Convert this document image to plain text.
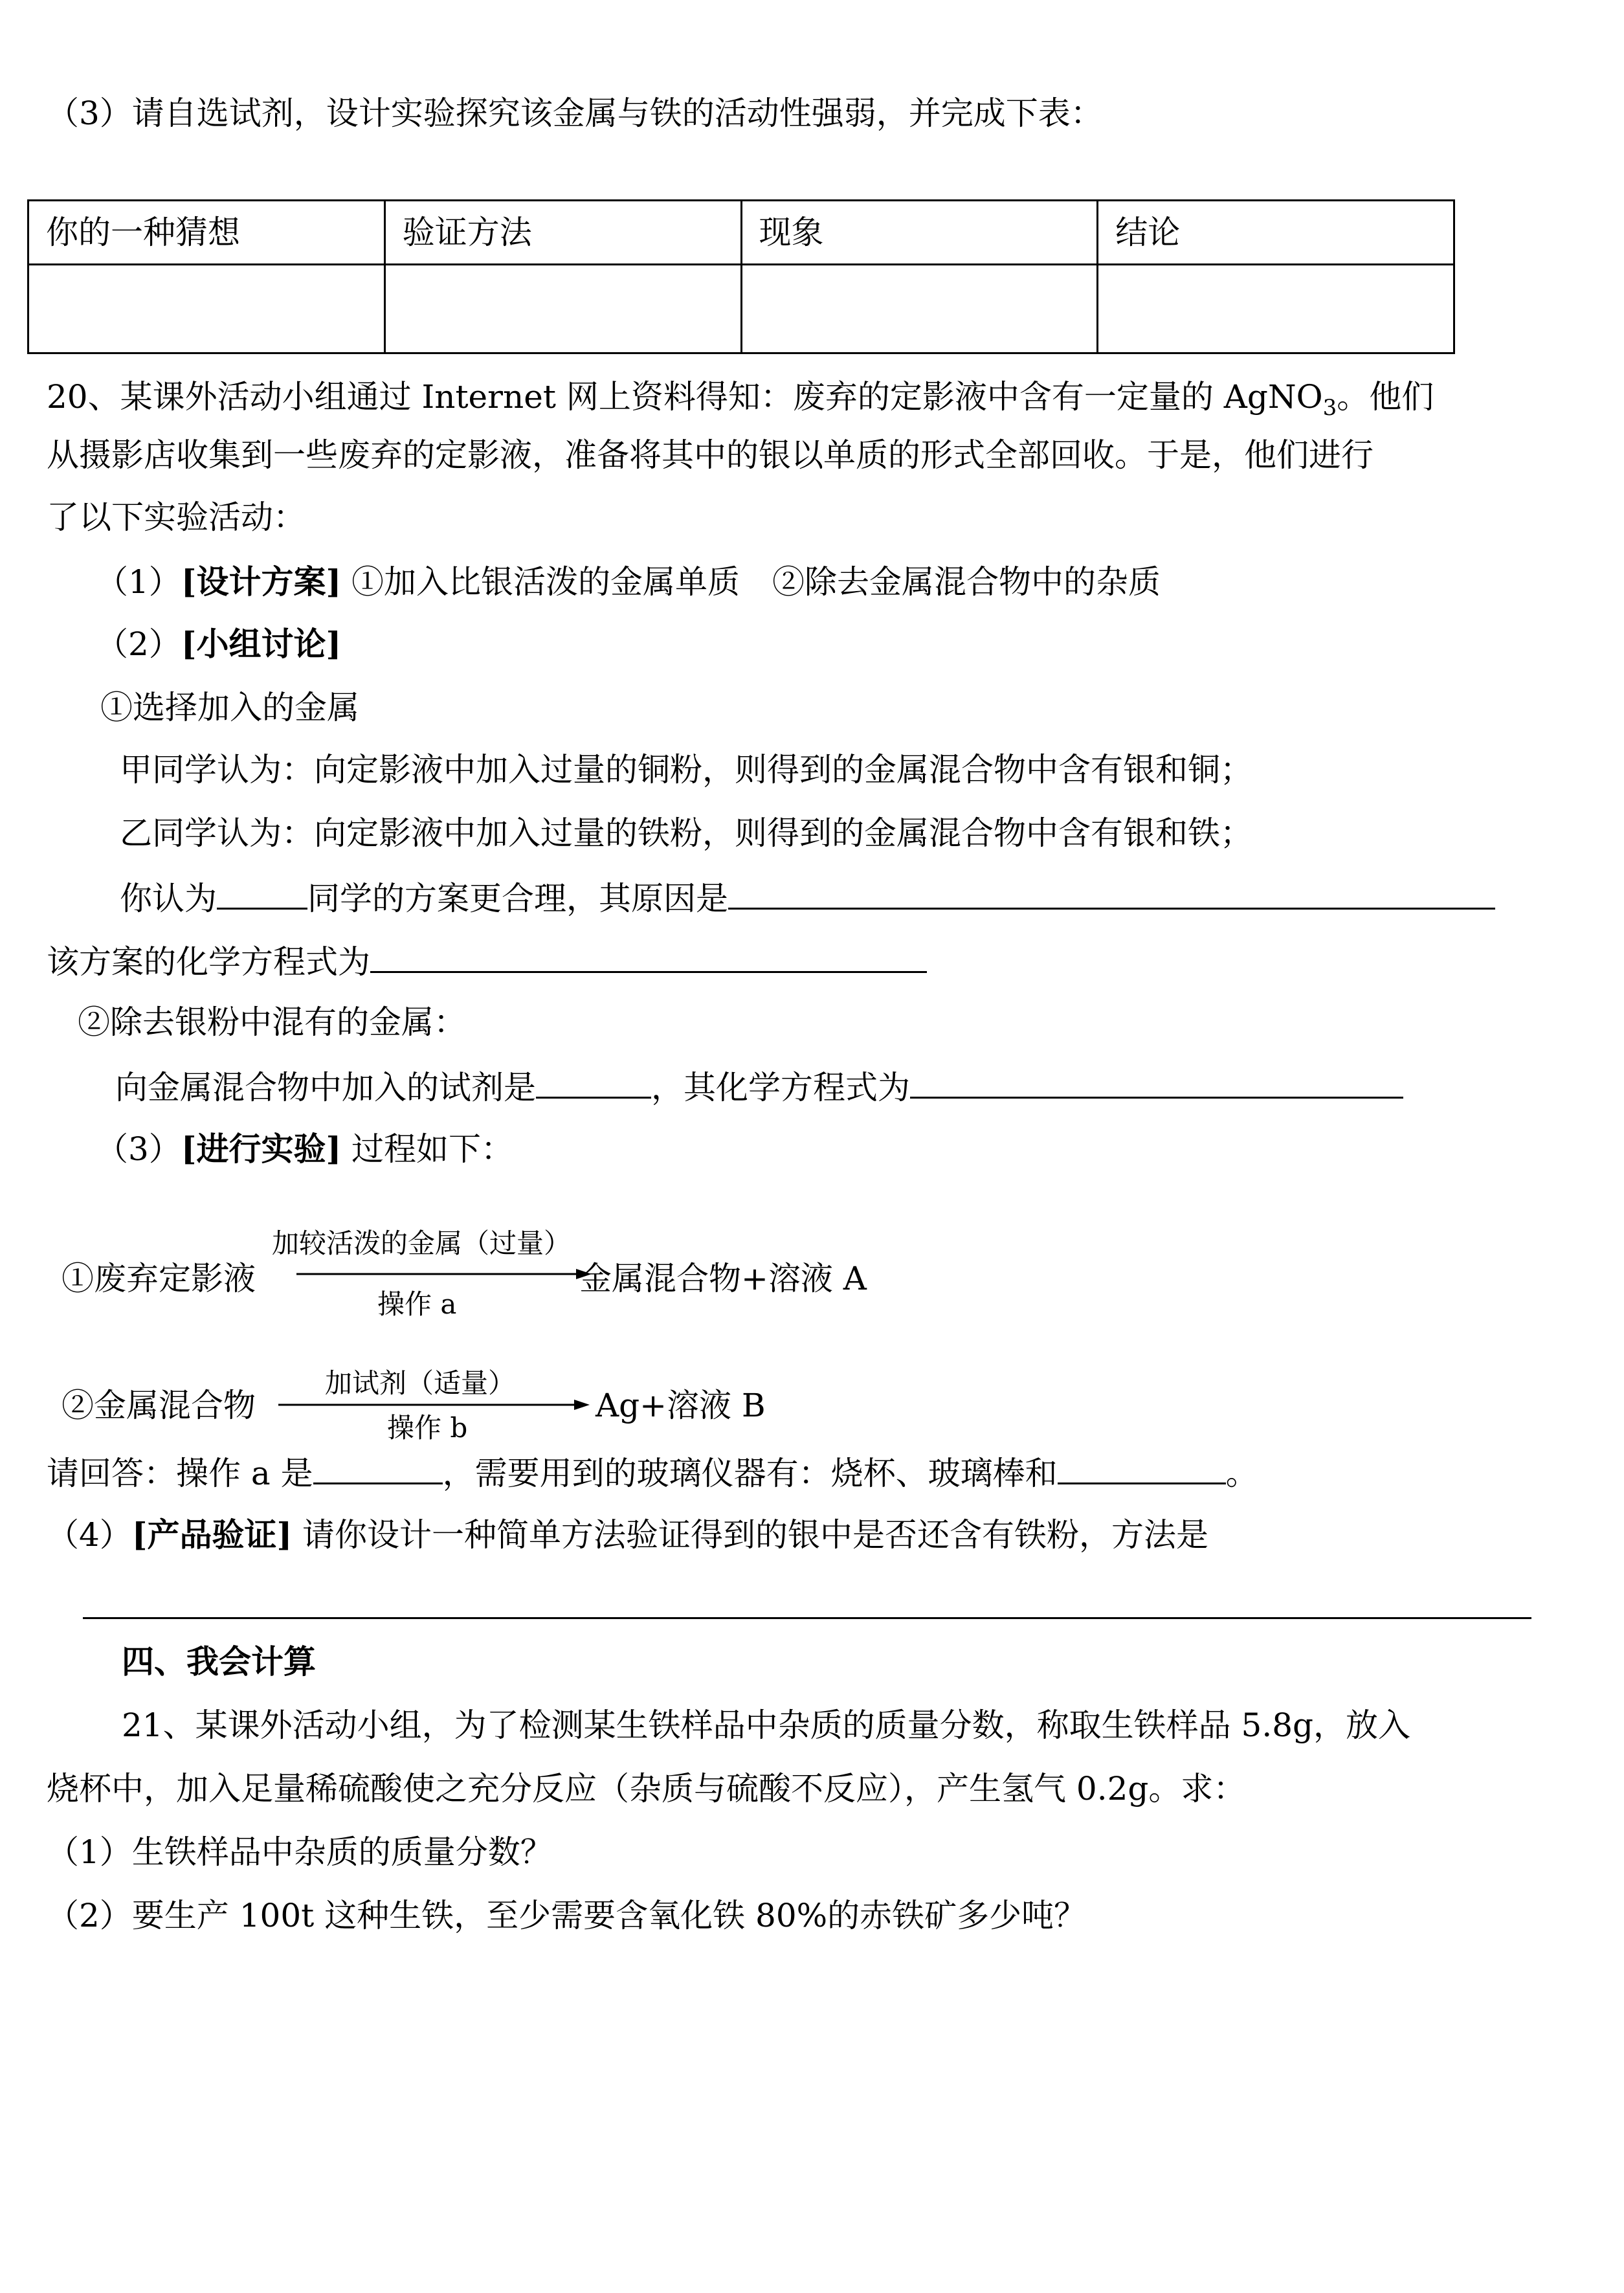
（3）请自选试剂，设计实验探究该金属与铁的活动性强弱，并完成下表：
你的一种猜想	验证方法	现象	结论

20、某课外活动小组通过 Internet 网上资料得知：废弃的定影液中含有一定量的 AgNO$_3$。他们
从摄影店收集到一些废弃的定影液，准备将其中的银以单质的形式全部回收。于是，他们进行
了以下实验活动：
（1）[设计方案] ①加入比银活泼的金属单质　②除去金属混合物中的杂质
（2）[小组讨论]
①选择加入的金属
甲同学认为：向定影液中加入过量的铜粉，则得到的金属混合物中含有银和铜；
乙同学认为：向定影液中加入过量的铁粉，则得到的金属混合物中含有银和铁；
你认为	同学的方案更合理，其原因是
该方案的化学方程式为
②除去银粉中混有的金属：
向金属混合物中加入的试剂是	，其化学方程式为
（3）[进行实验] 过程如下：
①废弃定影液
加较活泼的金属（过量）
操作 a
金属混合物+溶液 A
②金属混合物
加试剂（适量）
操作 b
Ag+溶液 B
请回答：操作 a 是	，需要用到的玻璃仪器有：烧杯、玻璃棒和	。
（4）[产品验证] 请你设计一种简单方法验证得到的银中是否还含有铁粉，方法是
四、我会计算
21、某课外活动小组，为了检测某生铁样品中杂质的质量分数，称取生铁样品 5.8g，放入
烧杯中，加入足量稀硫酸使之充分反应（杂质与硫酸不反应），产生氢气 0.2g。求：
（1）生铁样品中杂质的质量分数？
（2）要生产 100t 这种生铁，至少需要含氧化铁 80%的赤铁矿多少吨？
